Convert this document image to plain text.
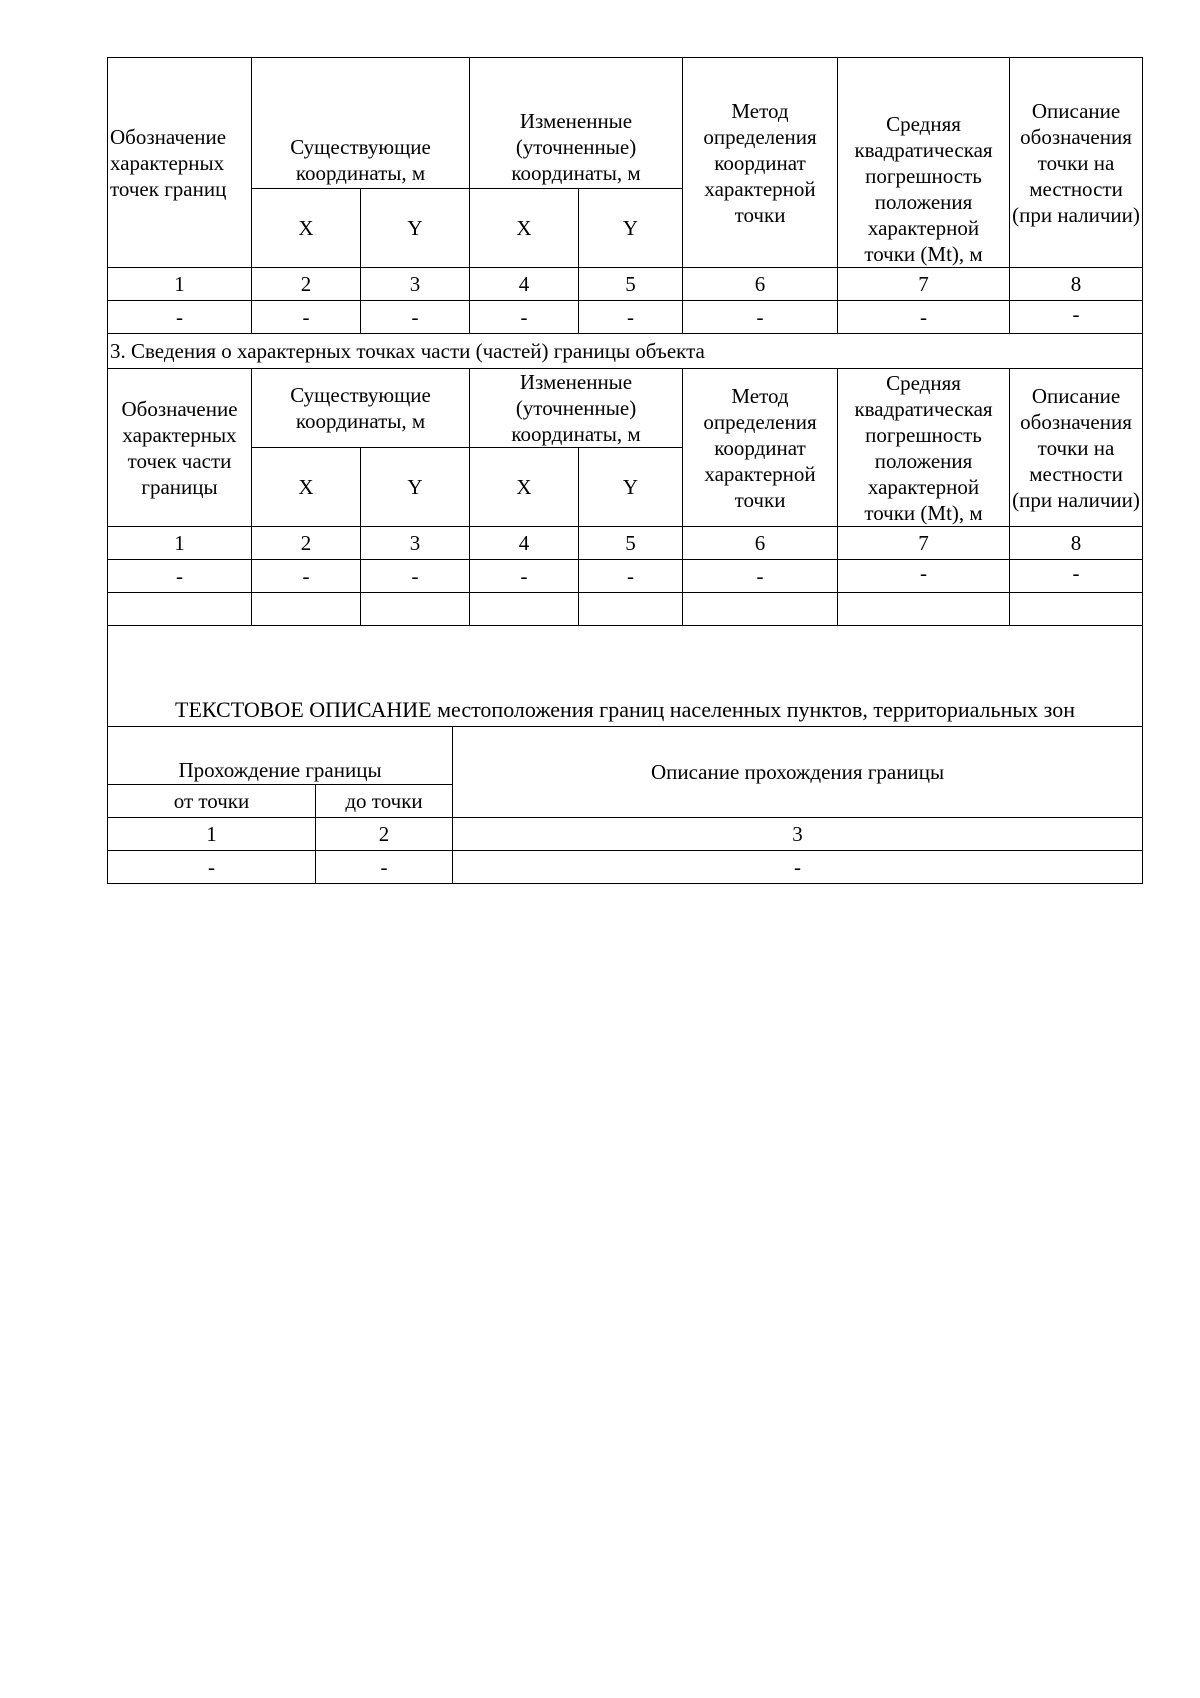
Обозначение характерных точек границ	Существующие координаты, м		Измененные (уточненные) координаты, м		Метод определения координат характерной точки	Средняя квадратическая погрешность положения характерной точки (Mt), м	Описание обозначения точки на местности (при наличии)
	X	Y	X	Y			
1	2	3	4	5	6	7	8
-	-	-	-	-	-	-	-
3. Сведения о характерных точках части (частей) границы объекта							
Обозначение характерных точек части границы	Существующие координаты, м		Измененные (уточненные) координаты, м		Метод определения координат характерной точки	Средняя квадратическая погрешность положения характерной точки (Mt), м	Описание обозначения точки на местности (при наличии)
	X	Y	X	Y			
1	2	3	4	5	6	7	8
-	-	-	-	-	-	-	-

ТЕКСТОВОЕ ОПИСАНИЕ местоположения границ населенных пунктов, территориальных зон							
Прохождение границы		Описание прохождения границы
от точки	до точки	
1	2	3
-	-	-
